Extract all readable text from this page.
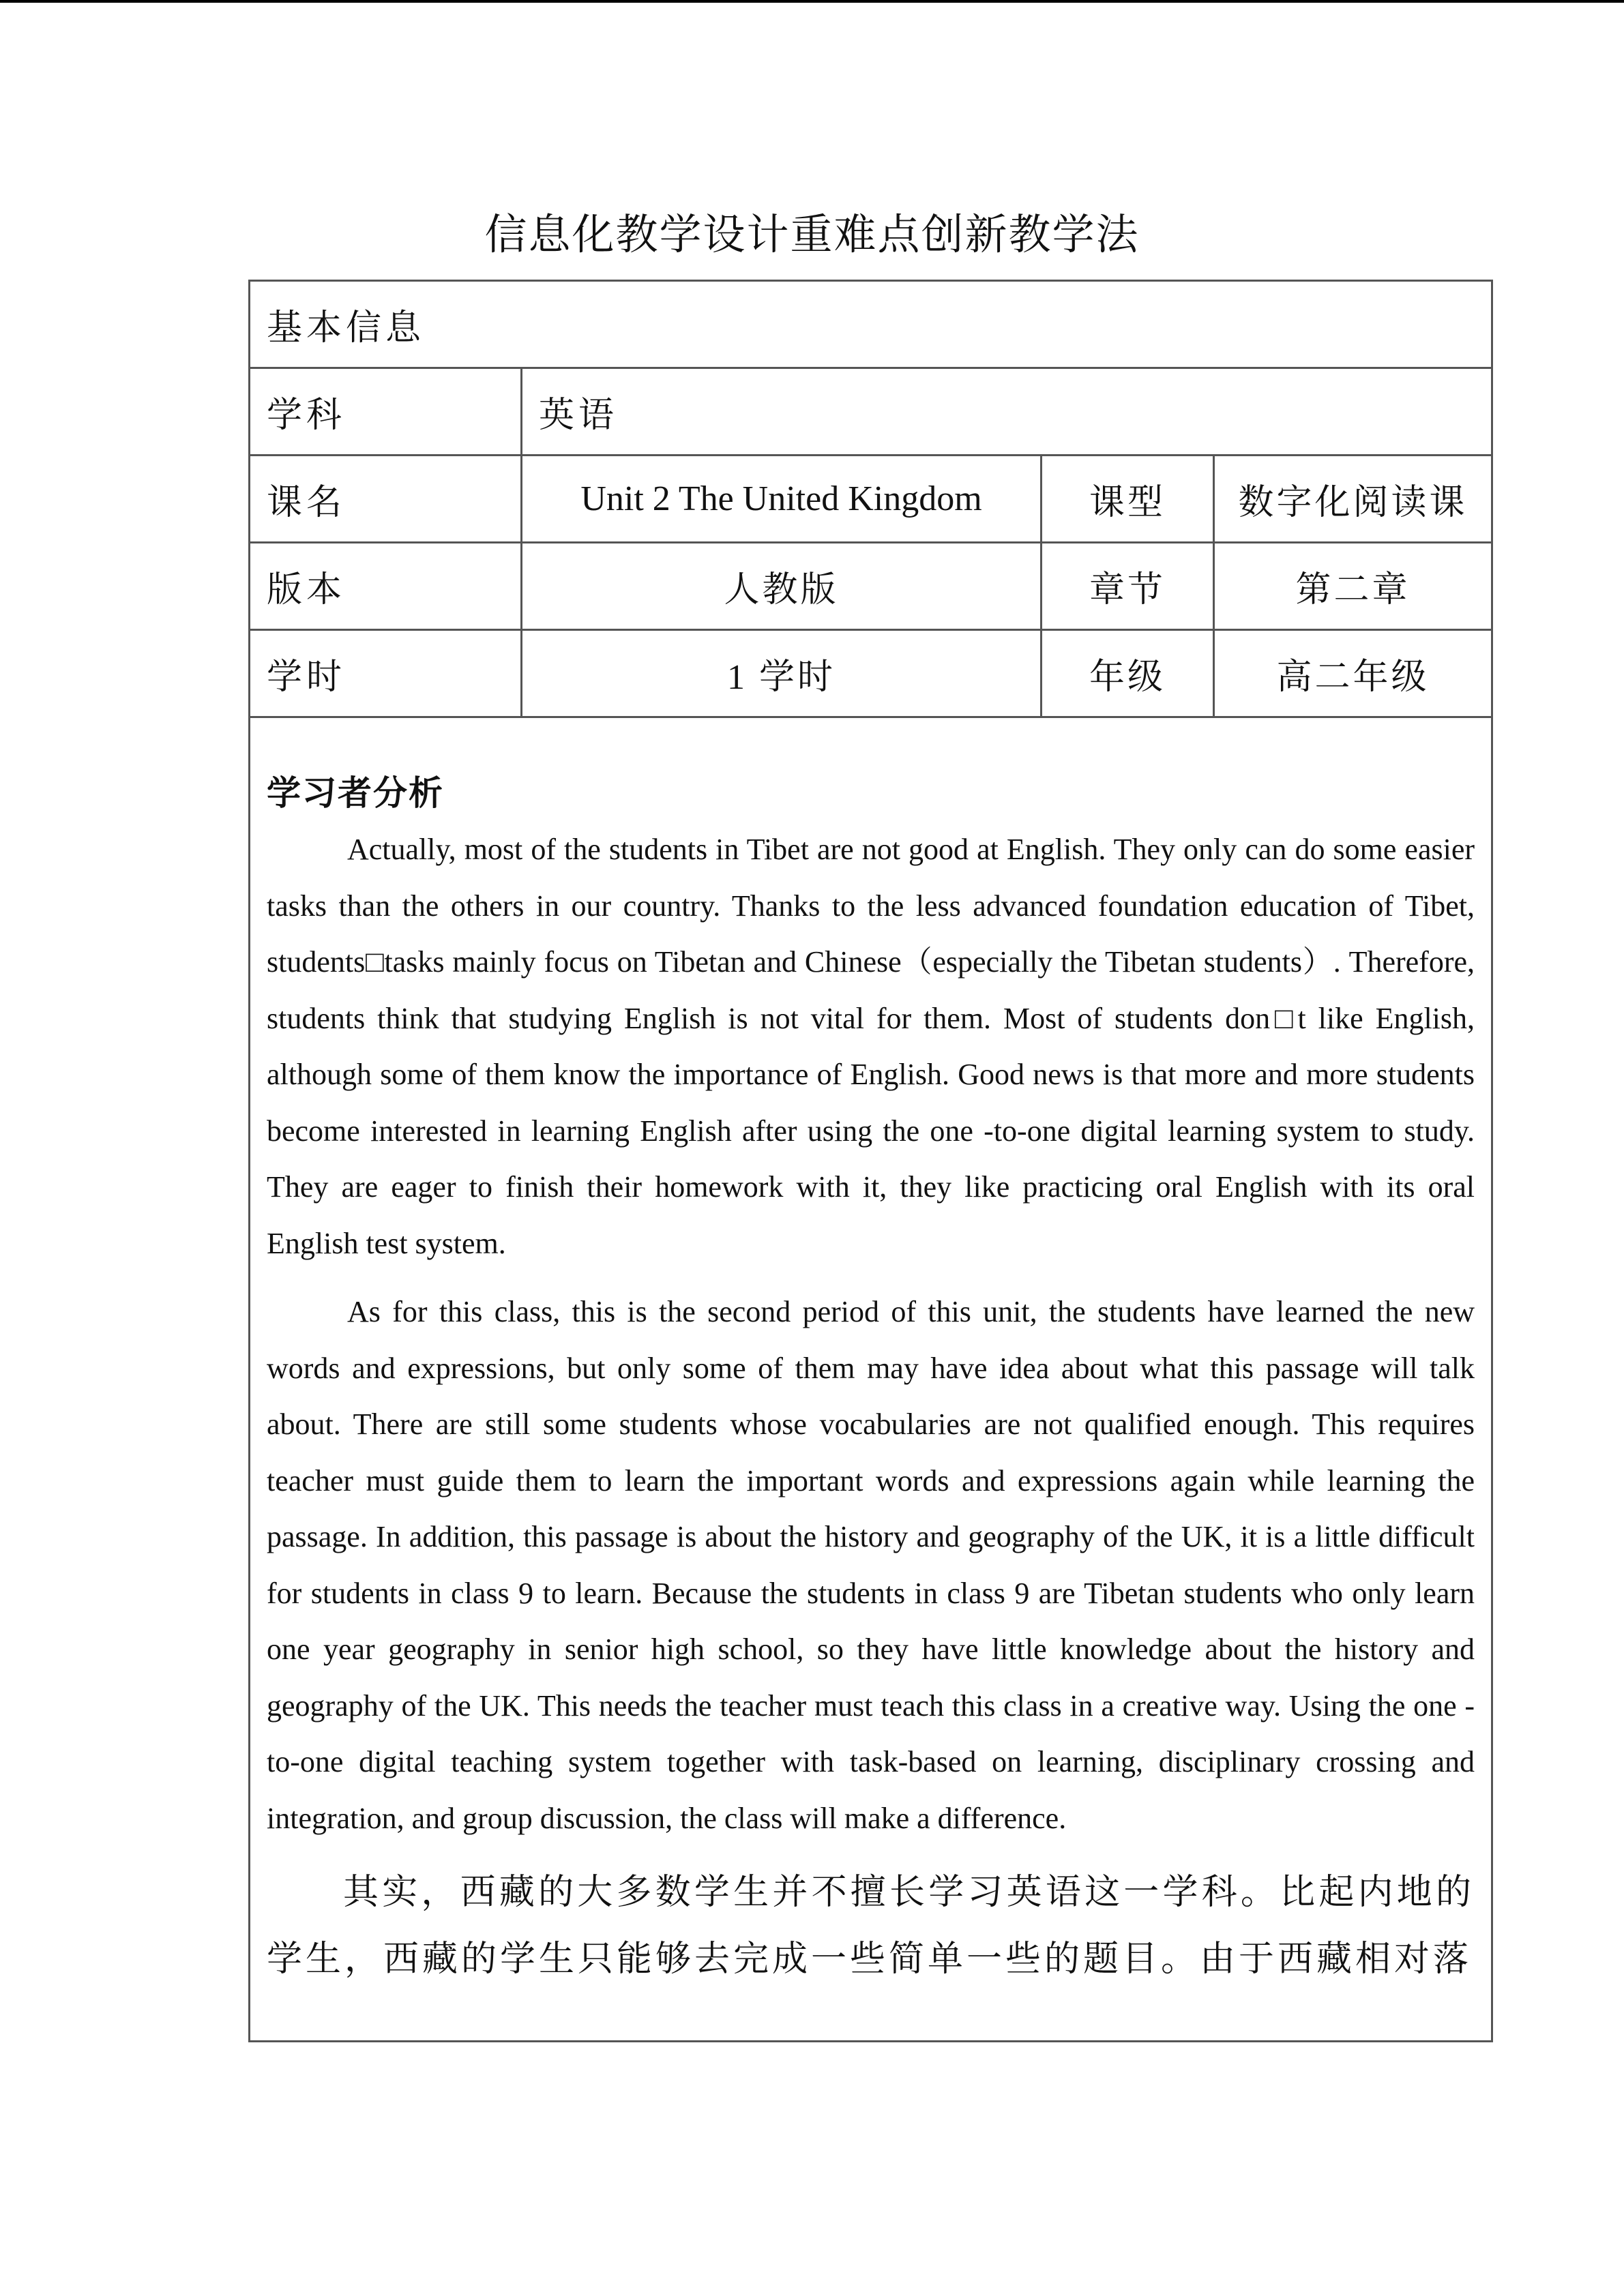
信息化教学设计重难点创新教学法
基本信息			
学科	英语		
课名	Unit 2 The United Kingdom	课型	数字化阅读课
版本	人教版	章节	第二章
学时	1 学时	年级	高二年级

学习者分析

Actually, most of the students in Tibet are not good at English. They only can do some easier tasks than the others in our country. Thanks to the less advanced foundation education of Tibet, students□tasks mainly focus on Tibetan and Chinese（especially the Tibetan students）. Therefore, students think that studying English is not vital for them. Most of students don□t like English, although some of them know the importance of English. Good news is that more and more students become interested in learning English after using the one -to-one digital learning system to study. They are eager to finish their homework with it, they like practicing oral English with its oral English test system.

As for this class, this is the second period of this unit, the students have learned the new words and expressions, but only some of them may have idea about what this passage will talk about. There are still some students whose vocabularies are not qualified enough. This requires teacher must guide them to learn the important words and expressions again while learning the passage. In addition, this passage is about the history and geography of the UK, it is a little difficult for students in class 9 to learn. Because the students in class 9 are Tibetan students who only learn one year geography in senior high school, so they have little knowledge about the history and geography of the UK. This needs the teacher must teach this class in a creative way. Using the one -to-one digital teaching system together with task-based on learning, disciplinary crossing and integration, and group discussion, the class will make a difference.

其实，西藏的大多数学生并不擅长学习英语这一学科。比起内地的学生，西藏的学生只能够去完成一些简单一些的题目。由于西藏相对落			
